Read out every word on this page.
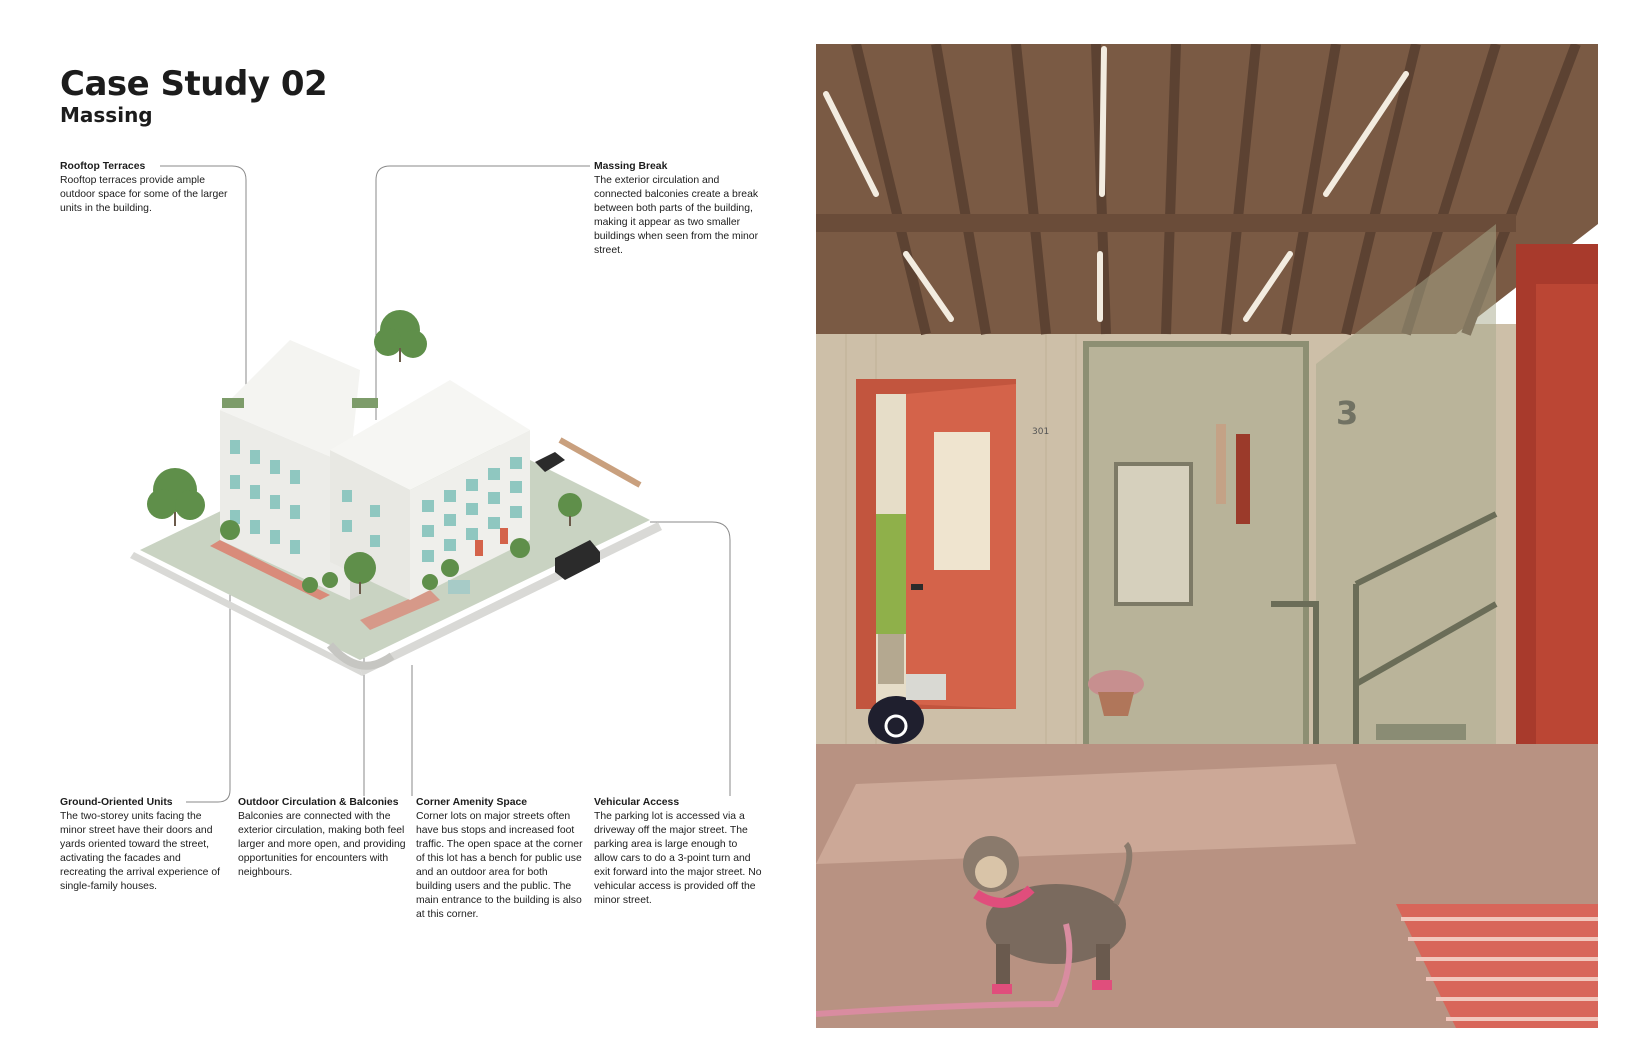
Case Study 02
Massing
Rooftop Terraces
Rooftop terraces provide ample outdoor space for some of the larger units in the building.
Massing Break
The exterior circulation and connected balconies create a break between both parts of the building, making it appear as two smaller buildings when seen from the minor street.
Ground-Oriented Units
The two-storey units facing the minor street have their doors and yards oriented toward the street, activating the facades and recreating the arrival experience of single-family houses.
Outdoor Circulation & Balconies
Balconies are connected with the exterior circulation, making both feel larger and more open, and providing opportunities for encounters with neighbours.
Corner Amenity Space
Corner lots on major streets often have bus stops and increased foot traffic. The open space at the corner of this lot has a bench for public use and an outdoor area for both building users and the public. The main entrance to the building is also at this corner.
Vehicular Access
The parking lot is accessed via a driveway off the major street. The parking area is large enough to allow cars to do a 3-point turn and exit forward into the major street. No vehicular access is provided off the minor street.
301
